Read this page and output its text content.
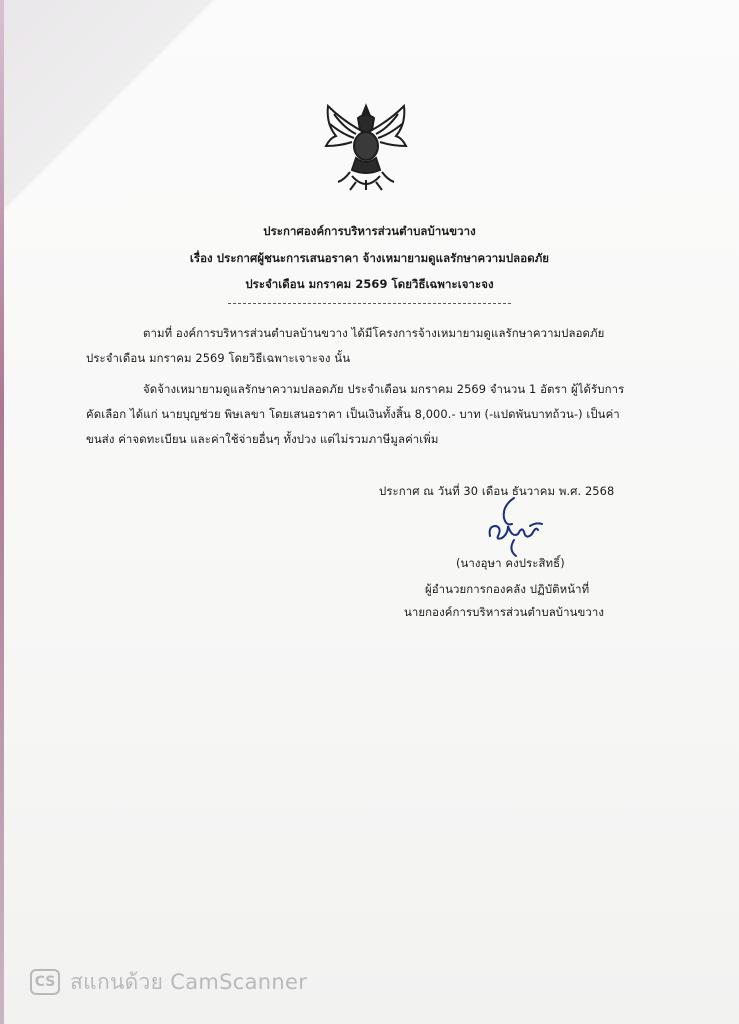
ประกาศองค์การบริหารส่วนตำบลบ้านขวาง
เรื่อง ประกาศผู้ชนะการเสนอราคา จ้างเหมายามดูแลรักษาความปลอดภัย
ประจำเดือน มกราคม 2569 โดยวิธีเฉพาะเจาะจง
ตามที่ องค์การบริหารส่วนตำบลบ้านขวาง ได้มีโครงการจ้างเหมายามดูแลรักษาความปลอดภัย
ประจำเดือน มกราคม 2569 โดยวิธีเฉพาะเจาะจง นั้น
จัดจ้างเหมายามดูแลรักษาความปลอดภัย ประจำเดือน มกราคม 2569 จำนวน 1 อัตรา ผู้ได้รับการ
คัดเลือก ได้แก่ นายบุญช่วย พิษเลขา โดยเสนอราคา เป็นเงินทั้งสิ้น 8,000.- บาท (-แปดพันบาทถ้วน-) เป็นค่า
ขนส่ง ค่าจดทะเบียน และค่าใช้จ่ายอื่นๆ ทั้งปวง แต่ไม่รวมภาษีมูลค่าเพิ่ม
ประกาศ ณ วันที่ 30 เดือน ธันวาคม พ.ศ. 2568
(นางอุษา คงประสิทธิ์)
ผู้อำนวยการกองคลัง ปฏิบัติหน้าที่
นายกองค์การบริหารส่วนตำบลบ้านขวาง
CS สแกนด้วย CamScanner
